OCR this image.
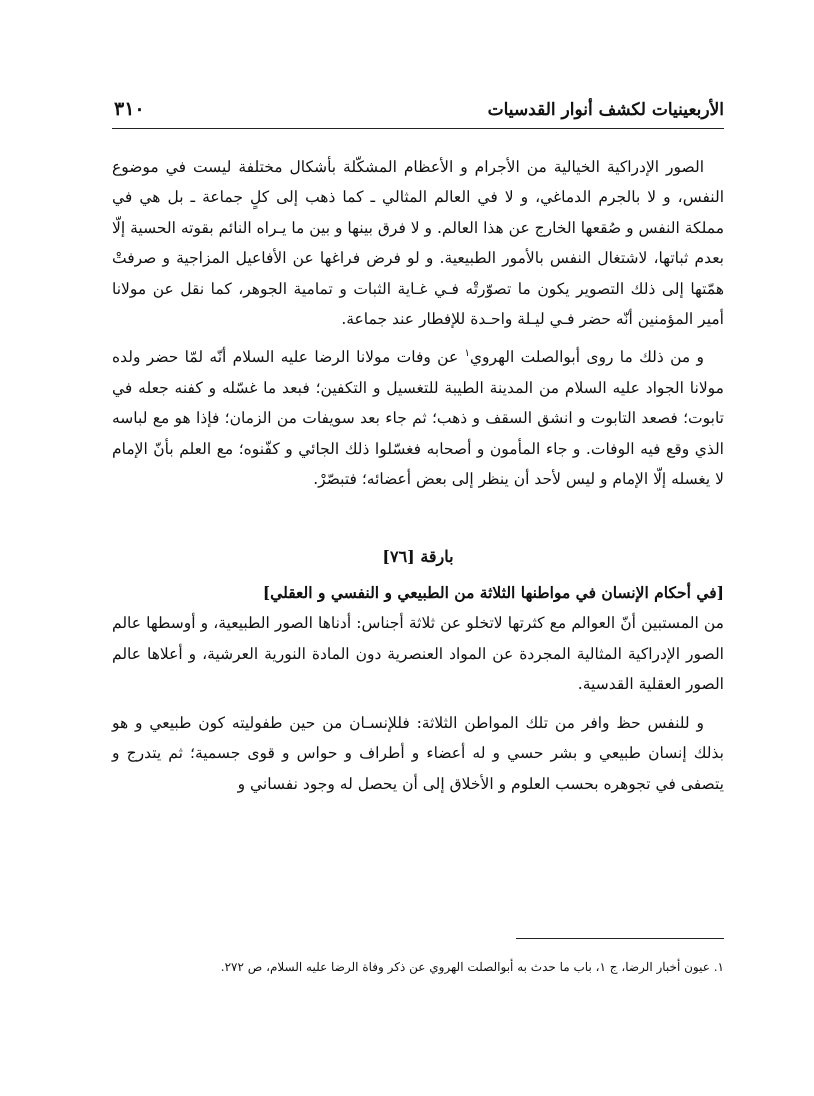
الأربعينيات لكشف أنوار القدسيات
٣١٠

الصور الإدراكية الخيالية من الأجرام و الأعظام المشكّلة بأشكال مختلفة ليست في موضوع النفس، و لا بالجرم الدماغي، و لا في العالم المثالي ـ كما ذهب إلى كلٍ جماعة ـ بل هي في مملكة النفس و صُقعها الخارج عن هذا العالم. و لا فرق بينها و بين ما يـراه النائم بقوته الحسية إلّا بعدم ثباتها، لاشتغال النفس بالأمور الطبيعية. و لو فرض فراغها عن الأفاعيل المزاجية و صرفتْ همّتها إلى ذلك التصوير يكون ما تصوّرتْه فـي غـاية الثبات و تمامية الجوهر، كما نقل عن مولانا أمير المؤمنين أنّه حضر فـي ليـلة واحـدة للإفطار عند جماعة.

و من ذلك ما روى أبوالصلت الهروي$^١$ عن وفات مولانا الرضا عليه السلام أنّه لمّا حضر ولده مولانا الجواد عليه السلام من المدينة الطيبة للتغسيل و التكفين؛ فبعد ما غسّله و كفنه جعله في تابوت؛ فصعد التابوت و انشق السقف و ذهب؛ ثم جاء بعد سويفات من الزمان؛ فإذا هو مع لباسه الذي وقع فيه الوفات. و جاء المأمون و أصحابه فغسّلوا ذلك الجائي و كفّنوه؛ مع العلم بأنّ الإمام لا يغسله إلّا الإمام و ليس لأحد أن ينظر إلى بعض أعضائه؛ فتبصّرْ.

بارقة [٧٦]
[في أحكام الإنسان في مواطنها الثلاثة من الطبيعي و النفسي و العقلي]

من المستبين أنّ العوالم مع كثرتها لاتخلو عن ثلاثة أجناس: أدناها الصور الطبيعية، و أوسطها عالم الصور الإدراكية المثالية المجردة عن المواد العنصرية دون المادة النورية العرشية، و أعلاها عالم الصور العقلية القدسية.

و للنفس حظ وافر من تلك المواطن الثلاثة: فللإنسـان من حين طفوليته كون طبيعي و هو بذلك إنسان طبيعي و بشر حسي و له أعضاء و أطراف و حواس و قوى جسمية؛ ثم يتدرج و يتصفى في تجوهره بحسب العلوم و الأخلاق إلى أن يحصل له وجود نفساني و

١. عيون أخبار الرضا، ج ١، باب ما حدث به أبوالصلت الهروي عن ذكر وفاة الرضا عليه السلام، ص ٢٧٢.
